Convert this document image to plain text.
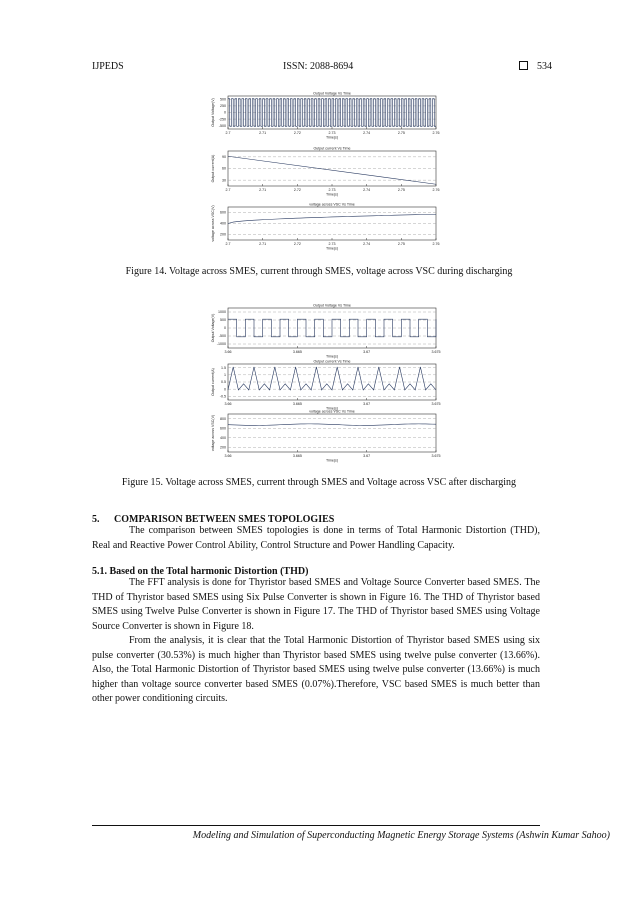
IJPEDS	ISSN: 2088-8694	534
Output Voltage Vs Time
500
250
0
-250
-500
2.7	2.71	2.72	2.73	2.74	2.75	2.76
Time(s)
Output Voltage(V)
Output current Vs Time
90
60
30
2.7	2.71	2.72	2.73	2.74	2.75	2.76
Time(s)
Output current(A)
voltage across VSC Vs Time
600
400
200
2.7	2.71	2.72	2.73	2.74	2.75	2.76
Time(s)
voltage across VSC(V)
Figure 14. Voltage across SMES, current through SMES, voltage across VSC during discharging
Output Voltage Vs Time
1000
500
0
-500
-1000
3.66	3.665	3.67	3.675
Time(s)
Output Voltage(V)
Output current Vs Time
1.5
1
0.5
0
-0.5
3.66	3.665	3.67	3.675
Time(s)
Output current(A)
voltage across VSC Vs Time
800
600
400
200
3.66	3.665	3.67	3.675
Time(s)
voltage across VSC(V)
Figure 15. Voltage across SMES, current through SMES and Voltage across VSC after discharging
5. COMPARISON BETWEEN SMES TOPOLOGIES
The comparison between SMES topologies is done in terms of Total Harmonic Distortion (THD), Real and Reactive Power Control Ability, Control Structure and Power Handling Capacity.
5.1. Based on the Total harmonic Distortion (THD)
The FFT analysis is done for Thyristor based SMES and Voltage Source Converter based SMES. The THD of Thyristor based SMES using Six Pulse Converter is shown in Figure 16. The THD of Thyristor based SMES using Twelve Pulse Converter is shown in Figure 17. The THD of Thyristor based SMES using Voltage Source Converter is shown in Figure 18.
From the analysis, it is clear that the Total Harmonic Distortion of Thyristor based SMES using six pulse converter (30.53%) is much higher than Thyristor based SMES using twelve pulse converter (13.66%). Also, the Total Harmonic Distortion of Thyristor based SMES using twelve pulse converter (13.66%) is much higher than voltage source converter based SMES (0.07%).Therefore, VSC based SMES is much better than other power conditioning circuits.
Modeling and Simulation of Superconducting Magnetic Energy Storage Systems (Ashwin Kumar Sahoo)
